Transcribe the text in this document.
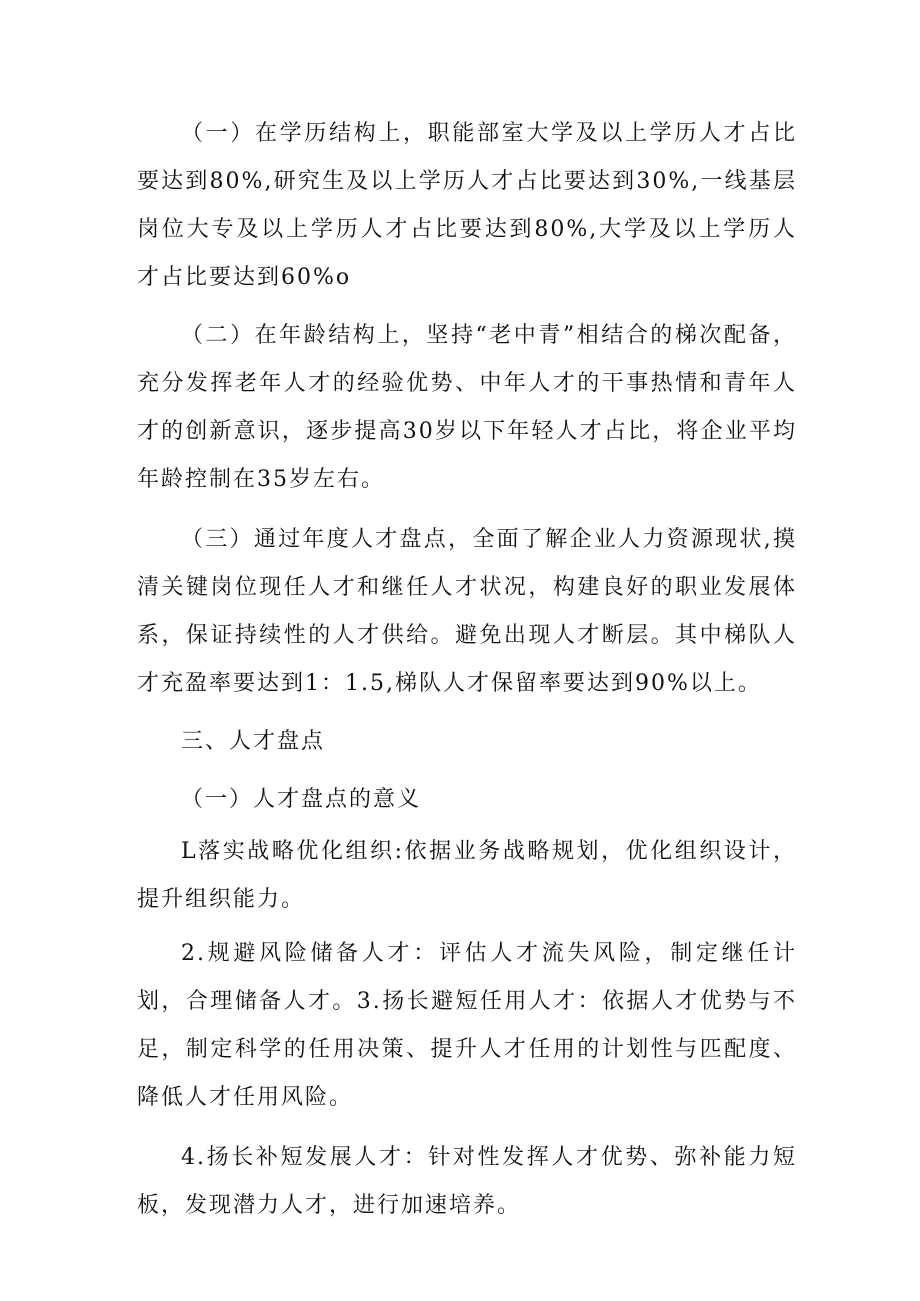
（一）在学历结构上，职能部室大学及以上学历人才占比要达到80%,研究生及以上学历人才占比要达到30%,一线基层岗位大专及以上学历人才占比要达到80%,大学及以上学历人才占比要达到60%o

（二）在年龄结构上，坚持“老中青”相结合的梯次配备，充分发挥老年人才的经验优势、中年人才的干事热情和青年人才的创新意识，逐步提高30岁以下年轻人才占比，将企业平均年龄控制在35岁左右。

（三）通过年度人才盘点，全面了解企业人力资源现状,摸清关键岗位现任人才和继任人才状况，构建良好的职业发展体系，保证持续性的人才供给。避免出现人才断层。其中梯队人才充盈率要达到1：1.5,梯队人才保留率要达到90%以上。

三、人才盘点

（一）人才盘点的意义

L落实战略优化组织:依据业务战略规划，优化组织设计，提升组织能力。

2.规避风险储备人才：评估人才流失风险，制定继任计划，合理储备人才。3.扬长避短任用人才：依据人才优势与不足，制定科学的任用决策、提升人才任用的计划性与匹配度、降低人才任用风险。

4.扬长补短发展人才：针对性发挥人才优势、弥补能力短板，发现潜力人才，进行加速培养。
